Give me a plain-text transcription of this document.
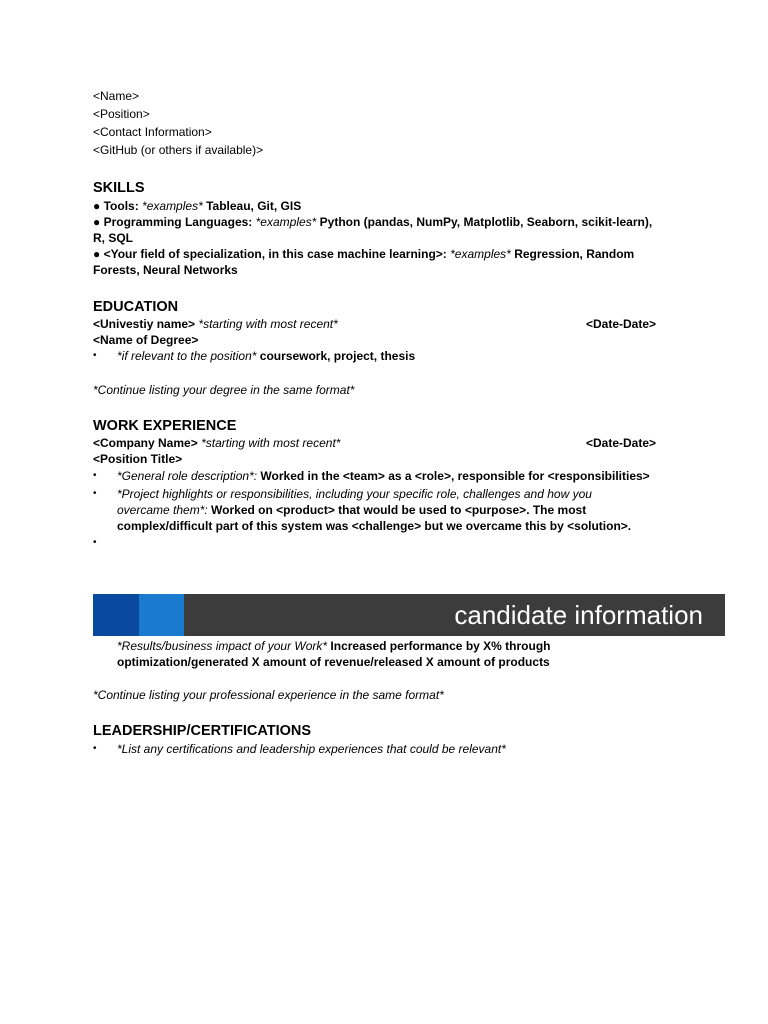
<Name>
<Position>
<Contact Information>
<GitHub (or others if available)>
SKILLS
● Tools: *examples* Tableau, Git, GIS
● Programming Languages: *examples* Python (pandas, NumPy, Matplotlib, Seaborn, scikit-learn),
R, SQL
● <Your field of specialization, in this case machine learning>: *examples* Regression, Random
Forests, Neural Networks
EDUCATION
<Univestiy name> *starting with most recent*	<Date-Date>
<Name of Degree>
• *if relevant to the position* coursework, project, thesis
*Continue listing your degree in the same format*
WORK EXPERIENCE
<Company Name> *starting with most recent*	<Date-Date>
<Position Title>
• *General role description*: Worked in the <team> as a <role>, responsible for <responsibilities>
• *Project highlights or responsibilities, including your specific role, challenges and how you
overcame them*: Worked on <product> that would be used to <purpose>. The most
complex/difficult part of this system was <challenge> but we overcame this by <solution>.
•
candidate information
*Results/business impact of your Work* Increased performance by X% through
optimization/generated X amount of revenue/released X amount of products
*Continue listing your professional experience in the same format*
LEADERSHIP/CERTIFICATIONS
• *List any certifications and leadership experiences that could be relevant*
